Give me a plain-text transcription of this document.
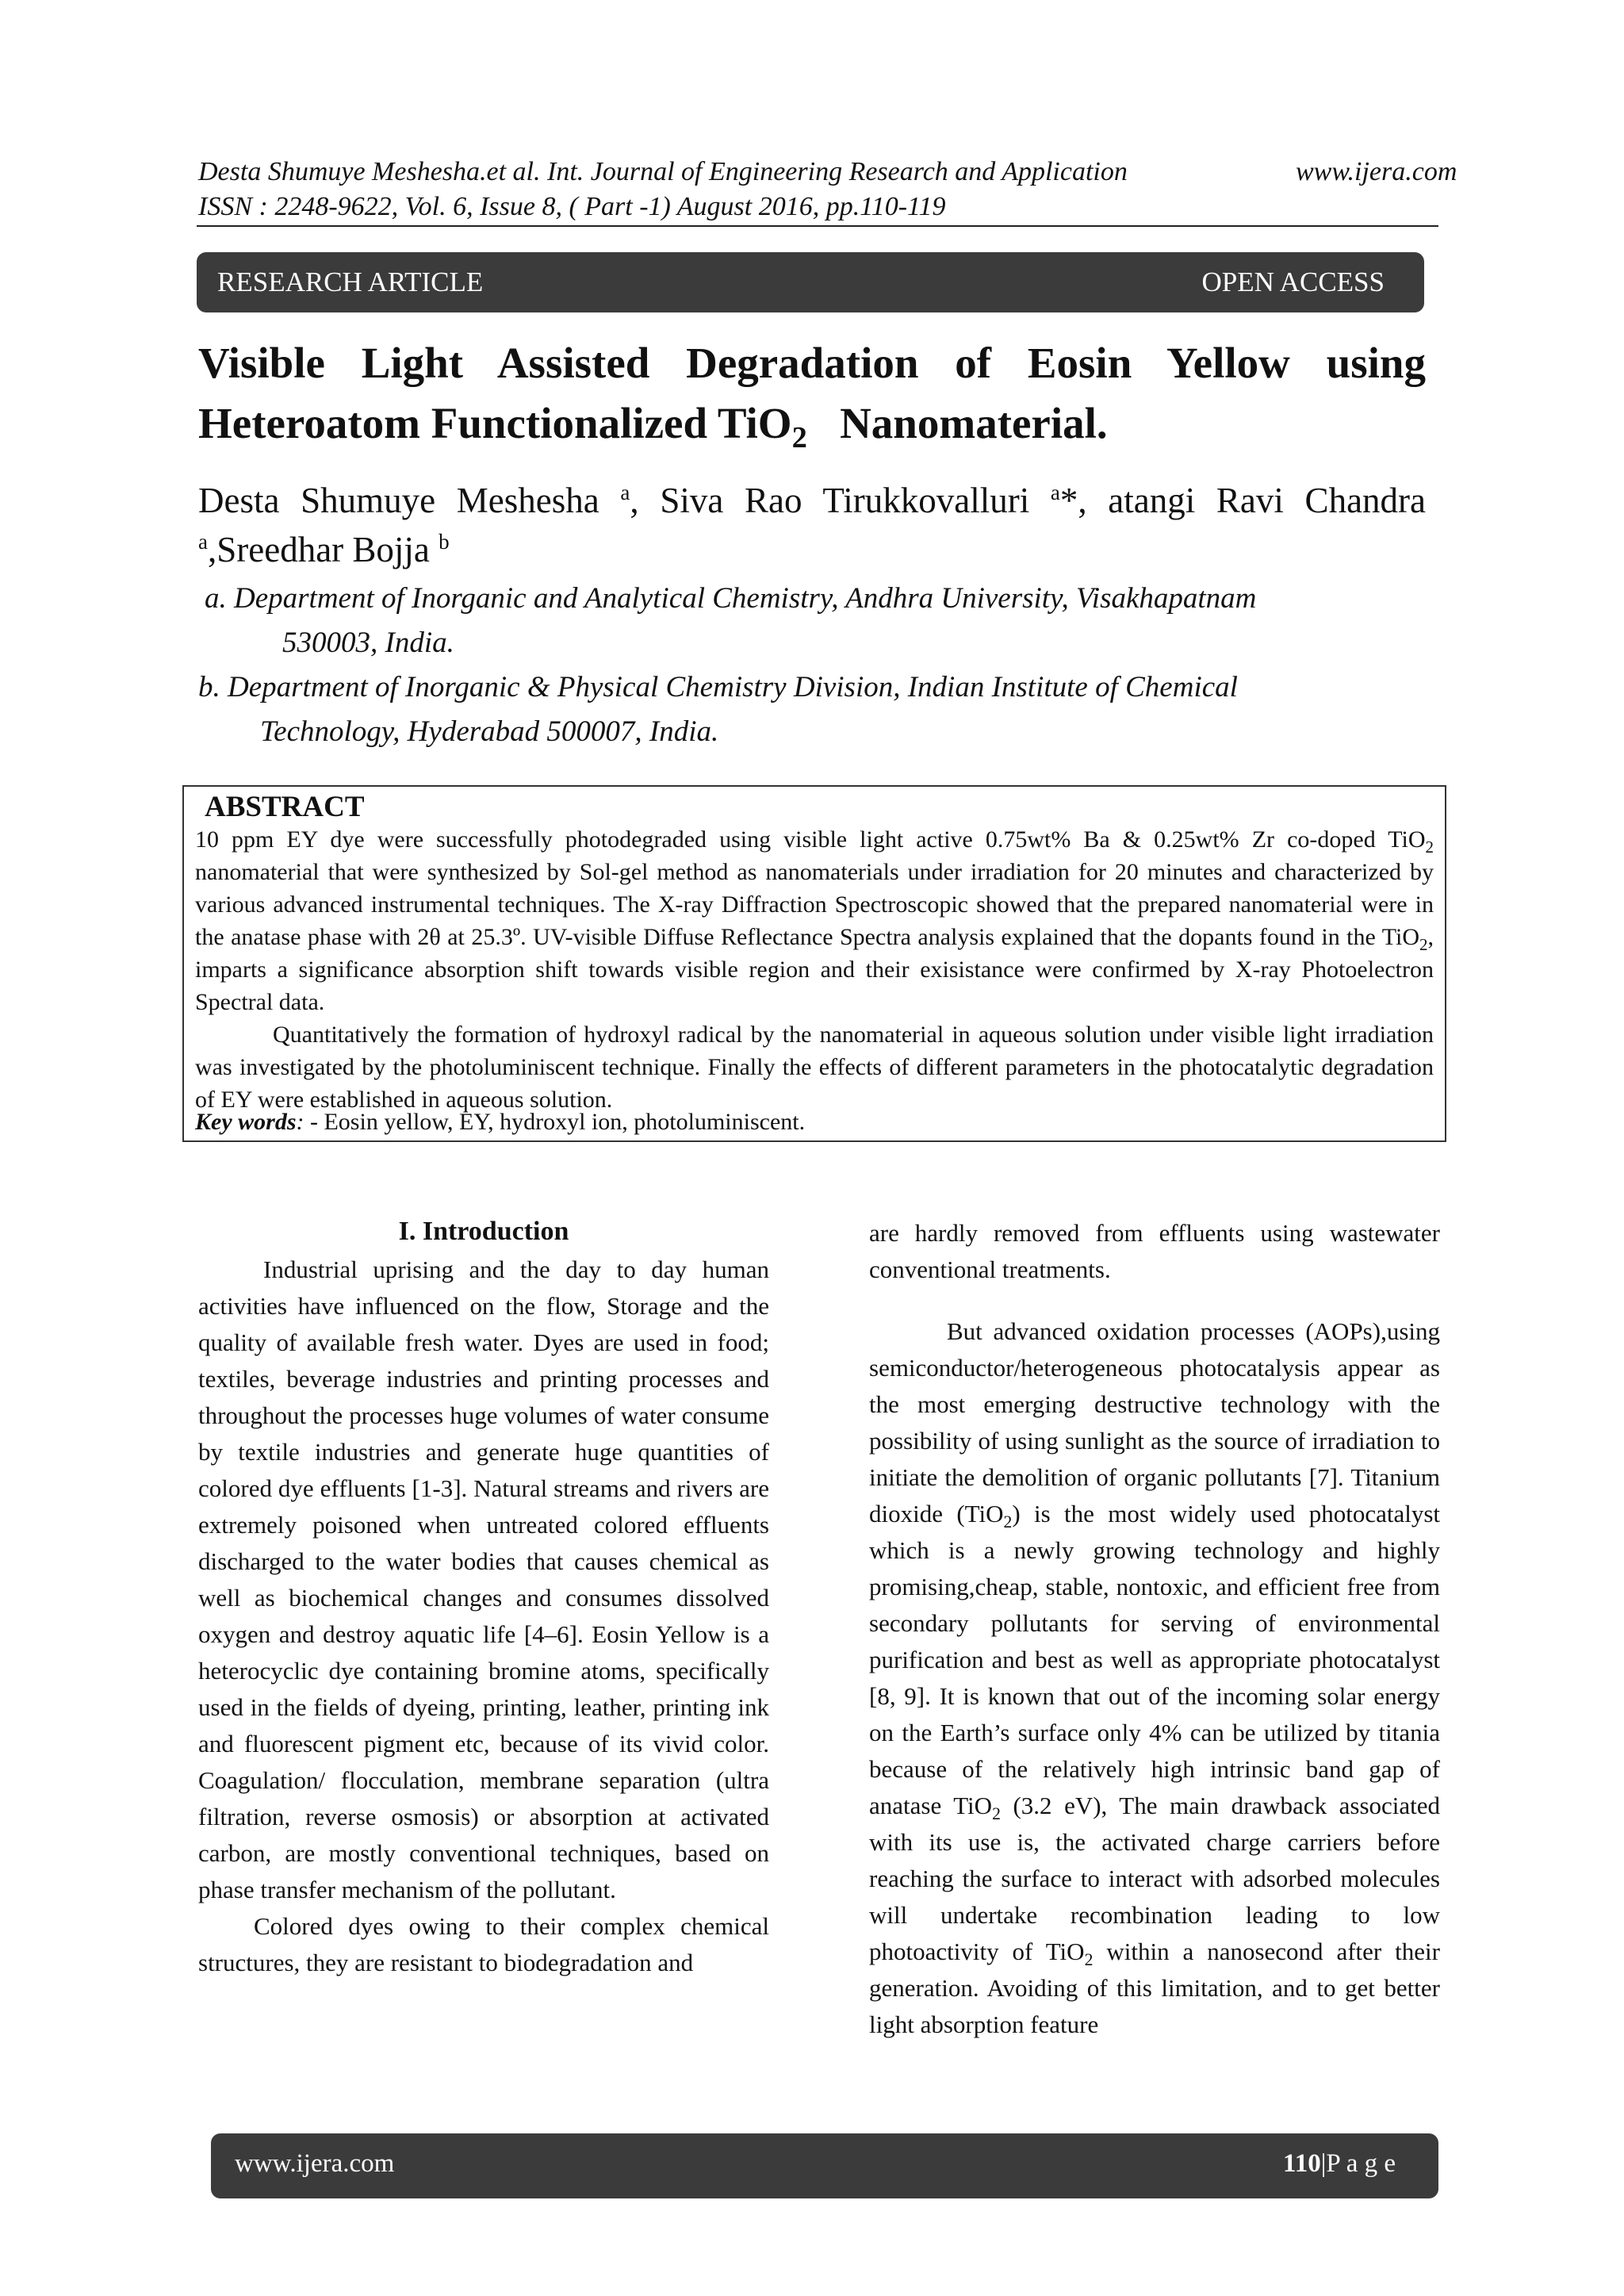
Desta Shumuye Meshesha.et al. Int. Journal of Engineering Research and Application	www.ijera.com
ISSN : 2248-9622, Vol. 6, Issue 8, ( Part -1) August 2016, pp.110-119
RESEARCH ARTICLE	OPEN ACCESS
Visible Light Assisted Degradation of Eosin Yellow using
Heteroatom Functionalized TiO$_2$   Nanomaterial.
Desta Shumuye Meshesha $^a$, Siva Rao Tirukkovalluri $^a$*, atangi Ravi Chandra
$^a$,Sreedhar Bojja $^b$
a. Department of Inorganic and Analytical Chemistry, Andhra University, Visakhapatnam
530003, India.
b. Department of Inorganic & Physical Chemistry Division, Indian Institute of Chemical
Technology, Hyderabad 500007, India.
ABSTRACT
10 ppm EY dye were successfully photodegraded using visible light active 0.75wt% Ba & 0.25wt% Zr co-doped TiO$_2$ nanomaterial that were synthesized by Sol-gel method as nanomaterials under irradiation for 20 minutes and characterized by various advanced instrumental techniques. The X-ray Diffraction Spectroscopic showed that the prepared nanomaterial were in the anatase phase with 2θ at 25.3º. UV-visible Diffuse Reflectance Spectra analysis explained that the dopants found in the TiO$_2$, imparts a significance absorption shift towards visible region and their exisistance were confirmed by X-ray Photoelectron Spectral data.
Quantitatively the formation of hydroxyl radical by the nanomaterial in aqueous solution under visible light irradiation was investigated by the photoluminiscent technique. Finally the effects of different parameters in the photocatalytic degradation of EY were established in aqueous solution.
Key words: - Eosin yellow, EY, hydroxyl ion, photoluminiscent.
I. Introduction

Industrial uprising and the day to day human activities have influenced on the flow, Storage and the quality of available fresh water. Dyes are used in food; textiles, beverage industries and printing processes and throughout the processes huge volumes of water consume by textile industries and generate huge quantities of colored dye effluents [1-3]. Natural streams and rivers are extremely poisoned when untreated colored effluents discharged to the water bodies that causes chemical as well as biochemical changes and consumes dissolved oxygen and destroy aquatic life [4–6]. Eosin Yellow is a heterocyclic dye containing bromine atoms, specifically used in the fields of dyeing, printing, leather, printing ink and fluorescent pigment etc, because of its vivid color. Coagulation/ flocculation, membrane separation (ultra filtration, reverse osmosis) or absorption at activated carbon, are mostly conventional techniques, based on phase transfer mechanism of the pollutant.

Colored dyes owing to their complex chemical structures, they are resistant to biodegradation and

are hardly removed from effluents using wastewater conventional treatments.

But advanced oxidation processes (AOPs),using semiconductor/heterogeneous photocatalysis appear as the most emerging destructive technology with the possibility of using sunlight as the source of irradiation to initiate the demolition of organic pollutants [7]. Titanium dioxide (TiO$_2$) is the most widely used photocatalyst which is a newly growing technology and highly promising,cheap, stable, nontoxic, and efficient free from secondary pollutants for serving of environmental purification and best as well as appropriate photocatalyst [8, 9]. It is known that out of the incoming solar energy on the Earth’s surface only 4% can be utilized by titania because of the relatively high intrinsic band gap of anatase TiO$_2$ (3.2 eV), The main drawback associated with its use is, the activated charge carriers before reaching the surface to interact with adsorbed molecules will undertake recombination leading to low photoactivity of TiO$_2$ within a nanosecond after their generation. Avoiding of this limitation, and to get better light absorption feature

www.ijera.com	110|P a g e
